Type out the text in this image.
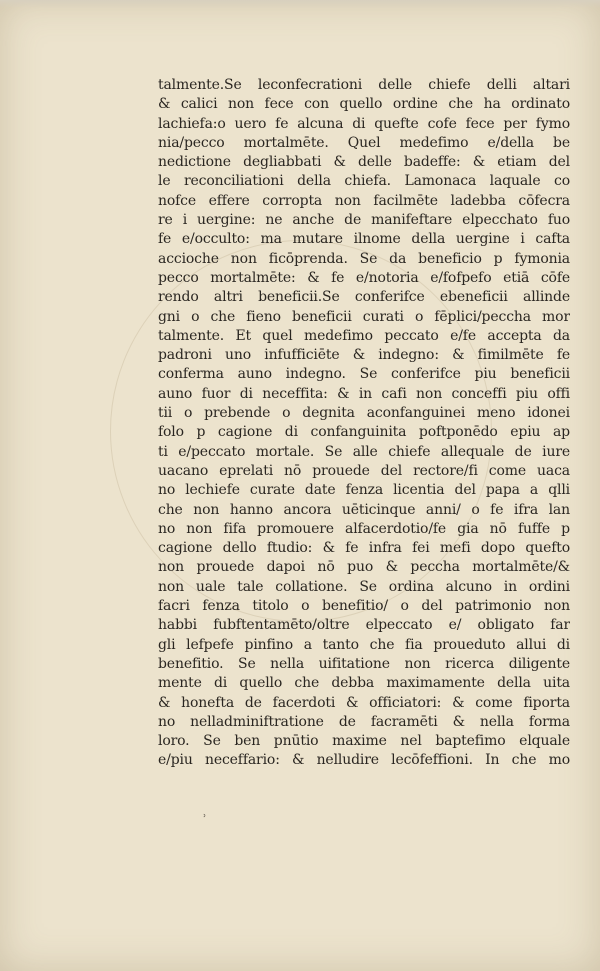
talmente.Se leconfecrationi delle chiefe delli altari
& calici non fece con quello ordine che ha ordinato
lachiefa:o uero fe alcuna di quefte cofe fece per fymo
nia/pecco mortalmēte. Quel medefimo e/della be
nedictione degliabbati & delle badeffe: & etiam del
le reconciliationi della chiefa. Lamonaca laquale co
nofce effere corropta non facilmēte ladebba cōfecra
re i uergine: ne anche de manifeftare elpecchato fuo
fe e/occulto: ma mutare ilnome della uergine i cafta
accioche non ficōprenda. Se da beneficio p fymonia
pecco mortalmēte: & fe e/notoria e/fofpefo etiā cōfe
rendo altri beneficii.Se conferifce ebeneficii allinde
gni o che fieno beneficii curati o fēplici/peccha mor
talmente. Et quel medefimo peccato e/fe accepta da
padroni uno infufficiēte & indegno: & fimilmēte fe
conferma auno indegno. Se conferifce piu beneficii
auno fuor di neceffita: & in cafi non conceffi piu offi
tii o prebende o degnita aconfanguinei meno idonei
folo p cagione di confanguinita poftponēdo epiu ap
ti e/peccato mortale. Se alle chiefe allequale de iure
uacano eprelati nō prouede del rectore/fi come uaca
no lechiefe curate date fenza licentia del papa a qlli
che non hanno ancora uēticinque anni/ o fe ifra lan
no non fifa promouere alfacerdotio/fe gia nō fuffe p
cagione dello ftudio: & fe infra fei mefi dopo quefto
non prouede dapoi nō puo & peccha mortalmēte/&
non uale tale collatione. Se ordina alcuno in ordini
facri fenza titolo o benefitio/ o del patrimonio non
habbi fubftentamēto/oltre elpeccato e/ obligato far
gli lefpefe pinfino a tanto che fia proueduto allui di
benefitio. Se nella uifitatione non ricerca diligente
mente di quello che debba maximamente della uita
& honefta de facerdoti & officiatori: & come fiporta
no nelladminiftratione de facramēti & nella forma
loro. Se ben pnūtio maxime nel baptefimo elquale
e/piu neceffario: & nelludire lecōfeffioni. In che mo
ʾ
